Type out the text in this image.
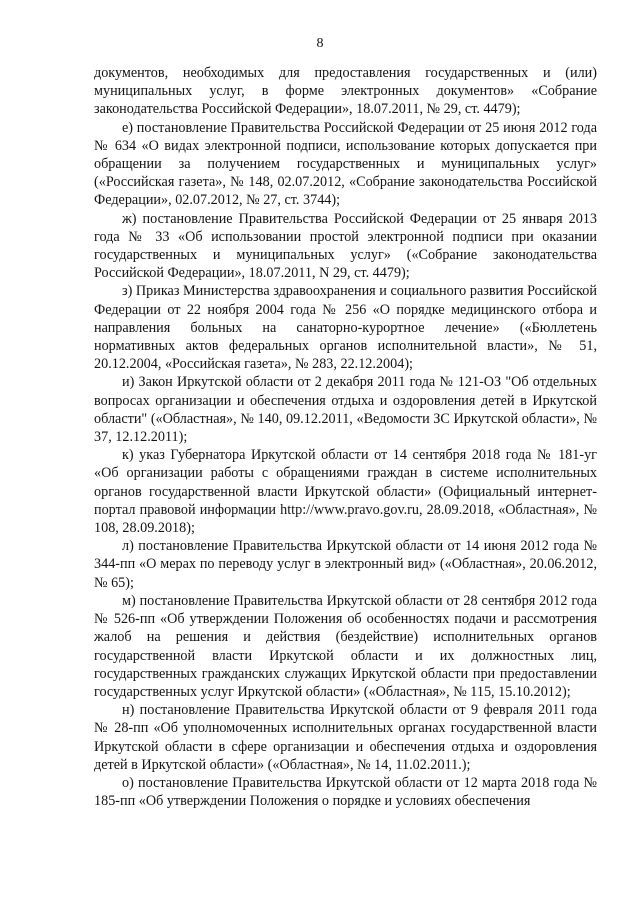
8

документов, необходимых для предоставления государственных и (или) муниципальных услуг, в форме электронных документов» «Собрание законодательства Российской Федерации», 18.07.2011, № 29, ст. 4479);

е) постановление Правительства Российской Федерации от 25 июня 2012 года № 634 «О видах электронной подписи, использование которых допускается при обращении за получением государственных и муниципальных услуг» («Российская газета», № 148, 02.07.2012, «Собрание законодательства Российской Федерации», 02.07.2012, № 27, ст. 3744);

ж) постановление Правительства Российской Федерации от 25 января 2013 года № 33 «Об использовании простой электронной подписи при оказании государственных и муниципальных услуг» («Собрание законодательства Российской Федерации», 18.07.2011, N 29, ст. 4479);

з) Приказ Министерства здравоохранения и социального развития Российской Федерации от 22 ноября 2004 года № 256 «О порядке медицинского отбора и направления больных на санаторно-курортное лечение» («Бюллетень нормативных актов федеральных органов исполнительной власти», № 51, 20.12.2004, «Российская газета», № 283, 22.12.2004);

и) Закон Иркутской области от 2 декабря 2011 года № 121-ОЗ "Об отдельных вопросах организации и обеспечения отдыха и оздоровления детей в Иркутской области" («Областная», № 140, 09.12.2011, «Ведомости ЗС Иркутской области», № 37, 12.12.2011);

к) указ Губернатора Иркутской области от 14 сентября 2018 года № 181-уг «Об организации работы с обращениями граждан в системе исполнительных органов государственной власти Иркутской области» (Официальный интернет-портал правовой информации http://www.pravo.gov.ru, 28.09.2018, «Областная», № 108, 28.09.2018);

л) постановление Правительства Иркутской области от 14 июня 2012 года № 344-пп «О мерах по переводу услуг в электронный вид» («Областная», 20.06.2012, № 65);

м) постановление Правительства Иркутской области от 28 сентября 2012 года № 526-пп «Об утверждении Положения об особенностях подачи и рассмотрения жалоб на решения и действия (бездействие) исполнительных органов государственной власти Иркутской области и их должностных лиц, государственных гражданских служащих Иркутской области при предоставлении государственных услуг Иркутской области» («Областная», № 115, 15.10.2012);

н) постановление Правительства Иркутской области от 9 февраля 2011 года № 28-пп «Об уполномоченных исполнительных органах государственной власти Иркутской области в сфере организации и обеспечения отдыха и оздоровления детей в Иркутской области» («Областная», № 14, 11.02.2011.);

о) постановление Правительства Иркутской области от 12 марта 2018 года № 185-пп «Об утверждении Положения о порядке и условиях обеспечения
